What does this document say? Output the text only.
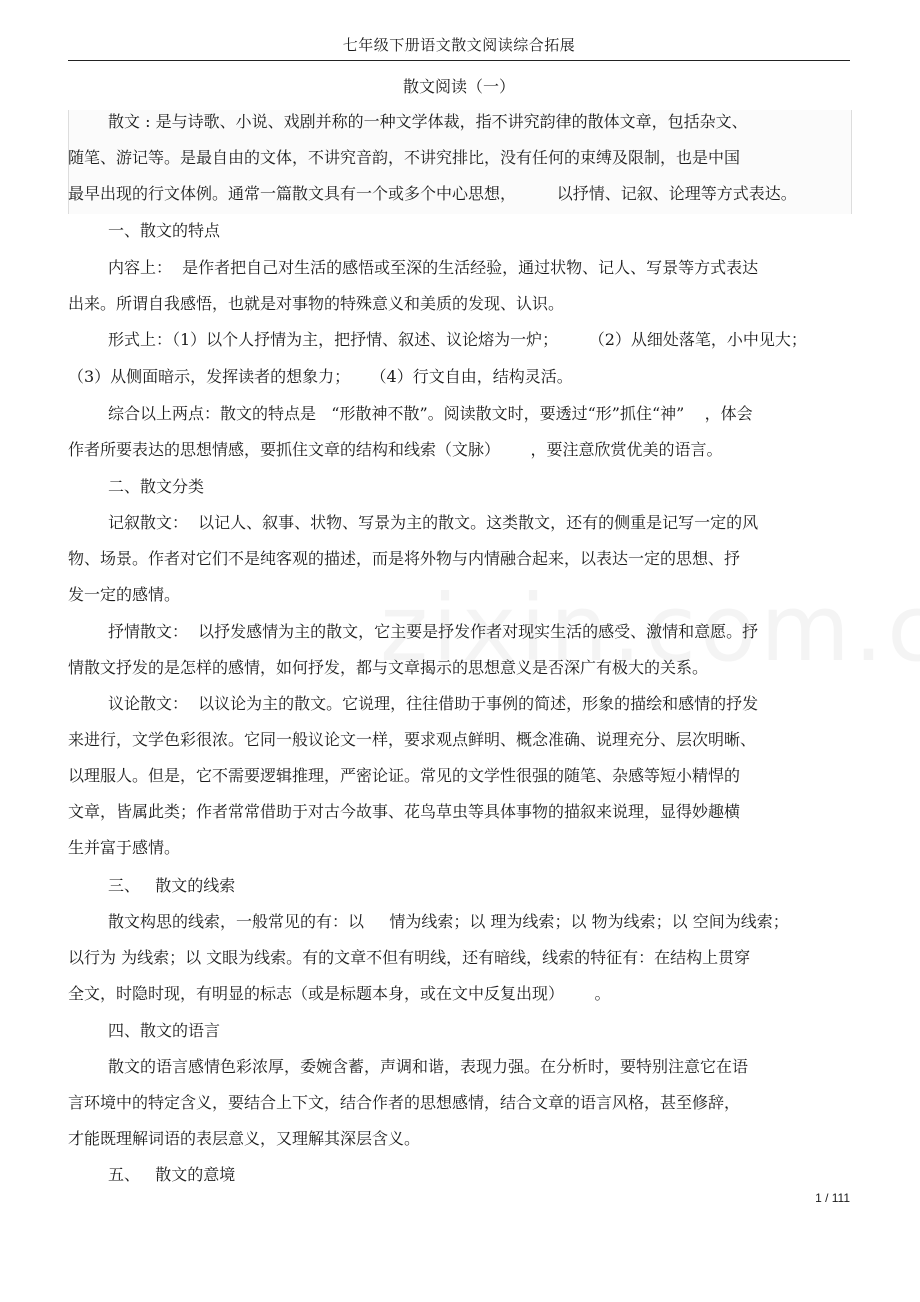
七年级下册语文散文阅读综合拓展
散文阅读（一）
散文 : 是与诗歌、小说、戏剧并称的一种文学体裁，指不讲究韵律的散体文章，包括杂文、
随笔、游记等。是最自由的文体，不讲究音韵，不讲究排比，没有任何的束缚及限制，也是中国
最早出现的行文体例。通常一篇散文具有一个或多个中心思想，        以抒情、记叙、论理等方式表达。
一、散文的特点
内容上：  是作者把自己对生活的感悟或至深的生活经验，通过状物、记人、写景等方式表达
出来。所谓自我感悟，也就是对事物的特殊意义和美质的发现、认识。
形式上：（1）以个人抒情为主，把抒情、叙述、议论熔为一炉；      （2）从细处落笔，小中见大；
（3）从侧面暗示，发挥读者的想象力；    （4）行文自由，结构灵活。
综合以上两点：散文的特点是   “形散神不散”。阅读散文时，要透过“形”抓住“神”    ，体会
作者所要表达的思想情感，要抓住文章的结构和线索（文脉）      ，要注意欣赏优美的语言。
二、散文分类
记叙散文：  以记人、叙事、状物、写景为主的散文。这类散文，还有的侧重是记写一定的风
物、场景。作者对它们不是纯客观的描述，而是将外物与内情融合起来，以表达一定的思想、抒
发一定的感情。
抒情散文：  以抒发感情为主的散文，它主要是抒发作者对现实生活的感受、激情和意愿。抒
情散文抒发的是怎样的感情，如何抒发，都与文章揭示的思想意义是否深广有极大的关系。
议论散文：  以议论为主的散文。它说理，往往借助于事例的简述，形象的描绘和感情的抒发
来进行，文学色彩很浓。它同一般议论文一样，要求观点鲜明、概念准确、说理充分、层次明晰、
以理服人。但是，它不需要逻辑推理，严密论证。常见的文学性很强的随笔、杂感等短小精悍的
文章，皆属此类；作者常常借助于对古今故事、花鸟草虫等具体事物的描叙来说理，显得妙趣横
生并富于感情。
三、   散文的线索
散文构思的线索，一般常见的有：以     情为线索；以 理为线索；以 物为线索；以 空间为线索；
以行为 为线索；以 文眼为线索。有的文章不但有明线，还有暗线，线索的特征有：在结构上贯穿
全文，时隐时现，有明显的标志（或是标题本身，或在文中反复出现）      。
四、散文的语言
散文的语言感情色彩浓厚，委婉含蓄，声调和谐，表现力强。在分析时，要特别注意它在语
言环境中的特定含义，要结合上下文，结合作者的思想感情，结合文章的语言风格，甚至修辞，
才能既理解词语的表层意义，又理解其深层含义。
五、   散文的意境
1 / 111
